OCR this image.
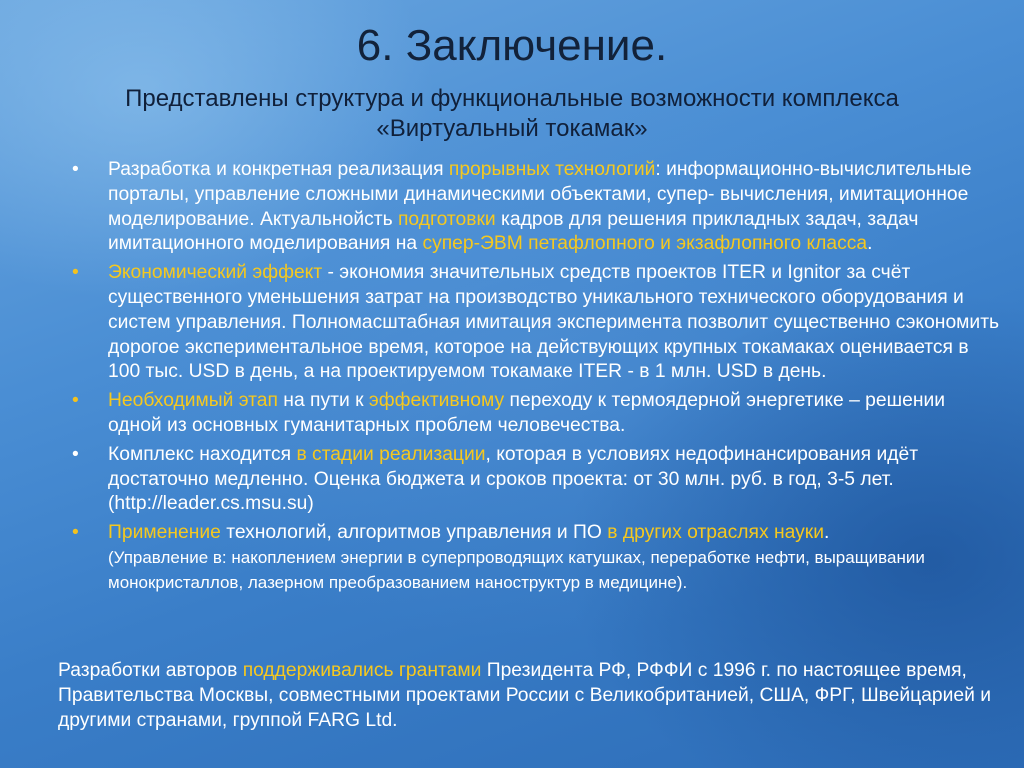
6. Заключение.
Представлены структура и функциональные возможности комплекса
«Виртуальный токамак»
• Разработка и конкретная реализация прорывных технологий: информационно-вычислительные порталы, управление сложными динамическими объектами, супер- вычисления, имитационное моделирование. Актуальнойсть подготовки кадров для решения прикладных задач, задач имитационного моделирования на супер-ЭВМ петафлопного и экзафлопного класса.
• Экономический эффект - экономия значительных средств проектов ITER и Ignitor за счёт существенного уменьшения затрат на производство уникального технического оборудования и систем управления. Полномасштабная имитация эксперимента позволит существенно сэкономить дорогое экспериментальное время, которое на действующих крупных токамаках оценивается в 100 тыс. USD в день, а на проектируемом токамаке ITER - в 1 млн. USD в день.
• Необходимый этап на пути к эффективному переходу к термоядерной энергетике – решении одной из основных гуманитарных проблем человечества.
• Комплекс находится в стадии реализации, которая в условиях недофинансирования идёт достаточно медленно. Оценка бюджета и сроков проекта: от 30 млн. руб. в год, 3-5 лет. (http://leader.cs.msu.su)
• Применение технологий, алгоритмов управления и ПО в других отраслях науки.
(Управление в: накоплением энергии в суперпроводящих катушках, переработке нефти, выращивании монокристаллов, лазерном преобразованием наноструктур в медицине).
Разработки авторов поддерживались грантами Президента РФ, РФФИ с 1996 г. по настоящее время, Правительства Москвы, совместными проектами России с Великобританией, США, ФРГ, Швейцарией и другими странами, группой FARG Ltd.
